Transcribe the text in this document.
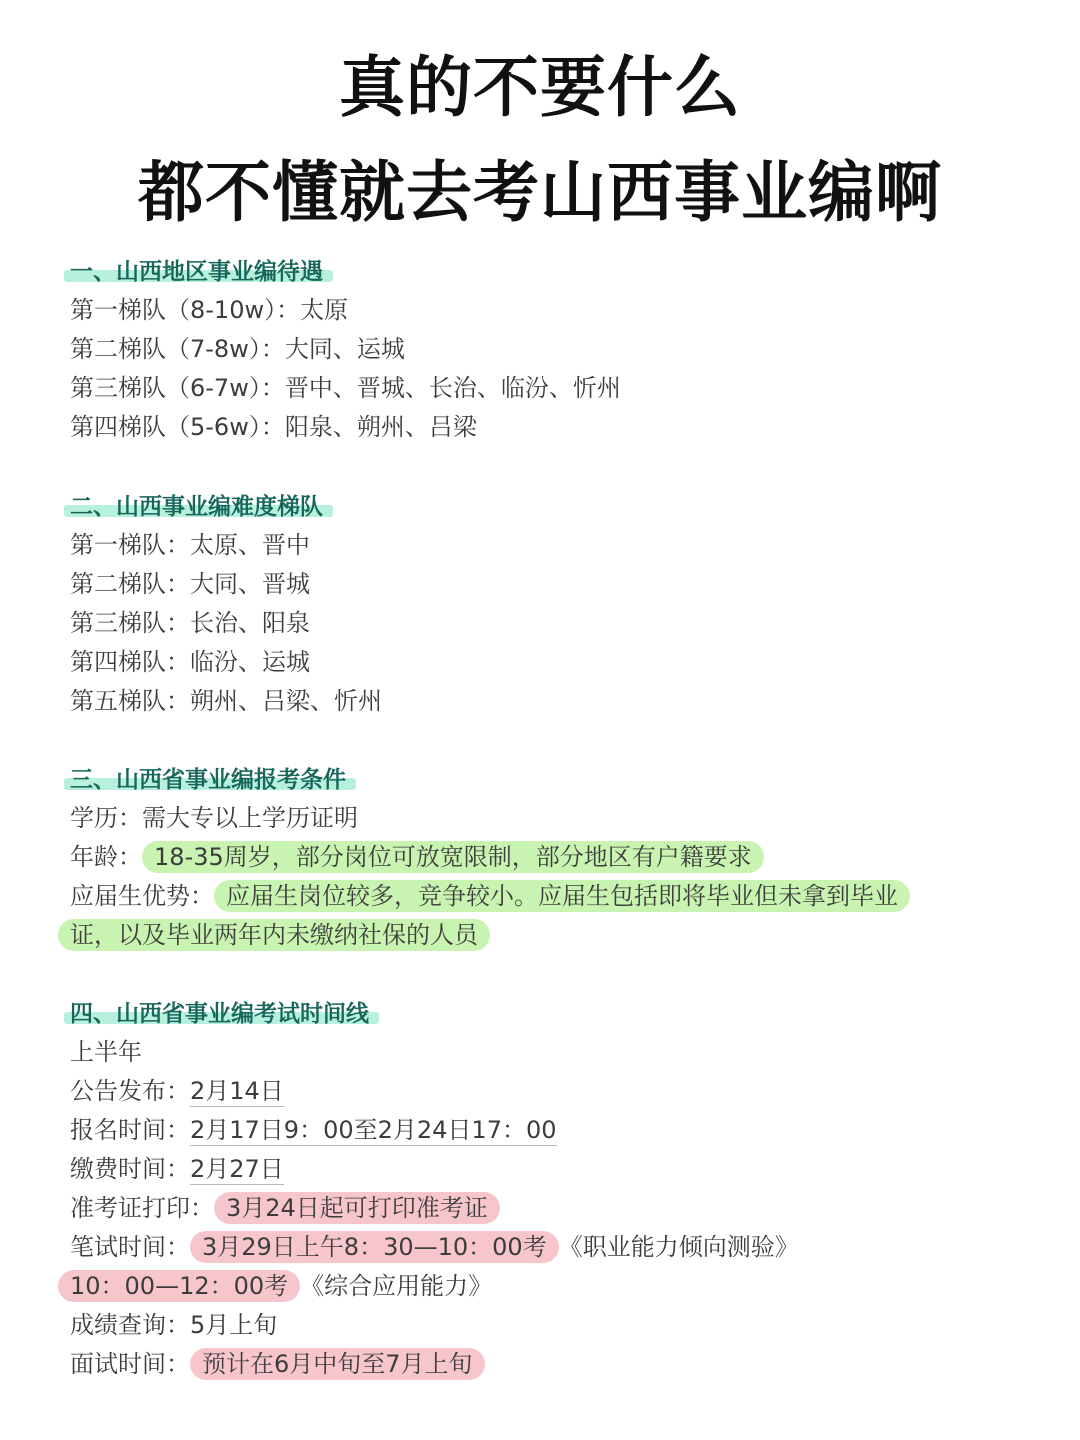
真的不要什么
都不懂就去考山西事业编啊
一、山西地区事业编待遇
第一梯队（8-10w）：太原
第二梯队（7-8w）：大同、运城
第三梯队（6-7w）：晋中、晋城、长治、临汾、忻州
第四梯队（5-6w）：阳泉、朔州、吕梁
二、山西事业编难度梯队
第一梯队：太原、晋中
第二梯队：大同、晋城
第三梯队：长治、阳泉
第四梯队：临汾、运城
第五梯队：朔州、吕梁、忻州
三、山西省事业编报考条件
学历：需大专以上学历证明
年龄： 18-35周岁，部分岗位可放宽限制，部分地区有户籍要求
应届生优势： 应届生岗位较多，竞争较小。应届生包括即将毕业但未拿到毕业
证，以及毕业两年内未缴纳社保的人员
四、山西省事业编考试时间线
上半年
公告发布：2月14日
报名时间：2月17日9：00至2月24日17：00
缴费时间：2月27日
准考证打印： 3月24日起可打印准考证
笔试时间： 3月29日上午8：30—10：00考 《职业能力倾向测验》
10：00—12：00考 《综合应用能力》
成绩查询：5月上旬
面试时间： 预计在6月中旬至7月上旬
